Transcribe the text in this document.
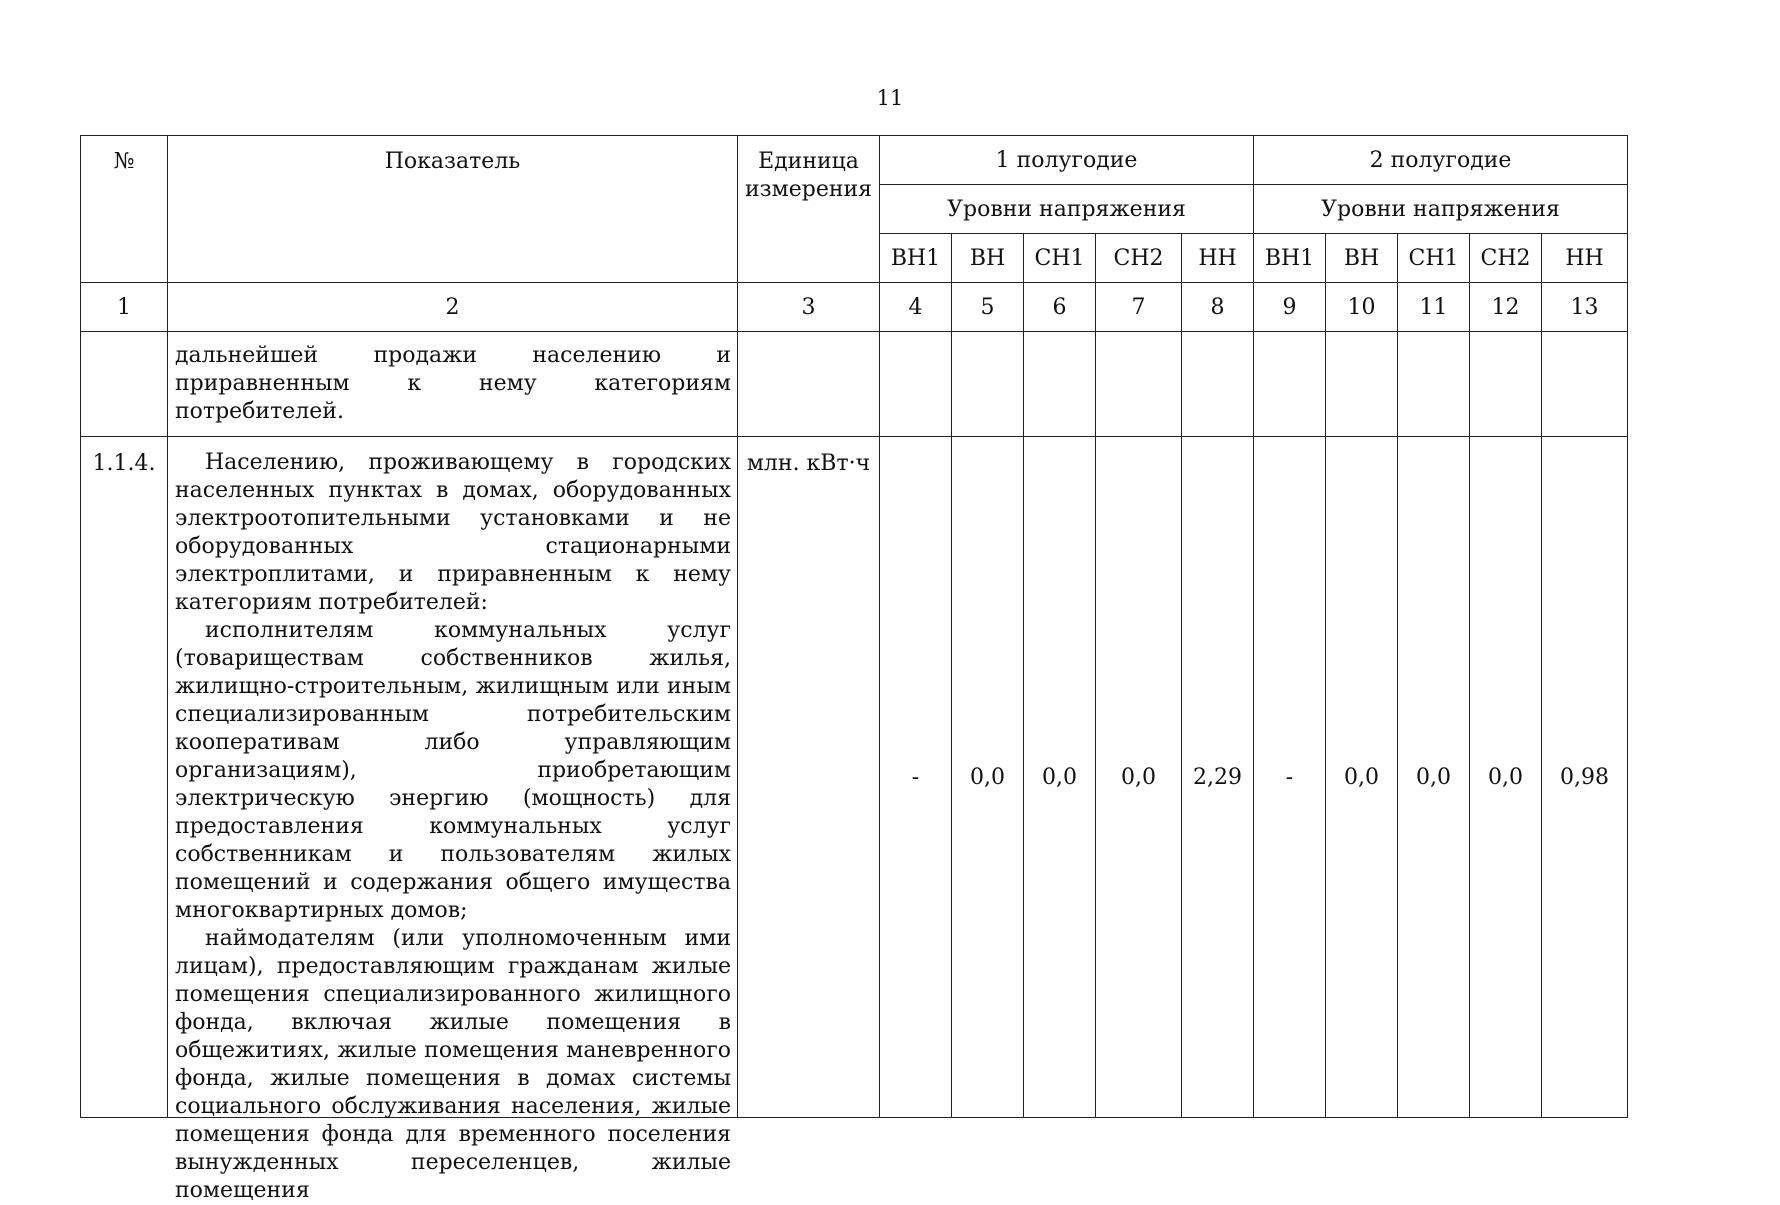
11
№	Показатель	Единица измерения	1 полугодие					2 полугодие				
			Уровни напряжения					Уровни напряжения				
			ВН1	ВН	СН1	СН2	НН	ВН1	ВН	СН1	СН2	НН
1	2	3	4	5	6	7	8	9	10	11	12	13
	дальнейшей продажи населению и приравненным к нему категориям потребителей.											
1.1.4.	Населению, проживающему в городских населенных пунктах в домах, оборудованных электроотопительными установками и не оборудованных стационарными электроплитами, и приравненным к нему категориям потребителей:

исполнителям коммунальных услуг (товариществам собственников жилья, жилищно-строительным, жилищным или иным специализированным потребительским кооперативам либо управляющим организациям), приобретающим электрическую энергию (мощность) для предоставления коммунальных услуг собственникам и пользователям жилых помещений и содержания общего имущества многоквартирных домов;

наймодателям (или уполномоченным ими лицам), предоставляющим гражданам жилые помещения специализированного жилищного фонда, включая жилые помещения в общежитиях, жилые помещения маневренного фонда, жилые помещения в домах системы социального обслуживания населения, жилые помещения фонда для временного поселения вынужденных переселенцев, жилые помещения	млн. кВт·ч	-	0,0	0,0	0,0	2,29	-	0,0	0,0	0,0	0,98
